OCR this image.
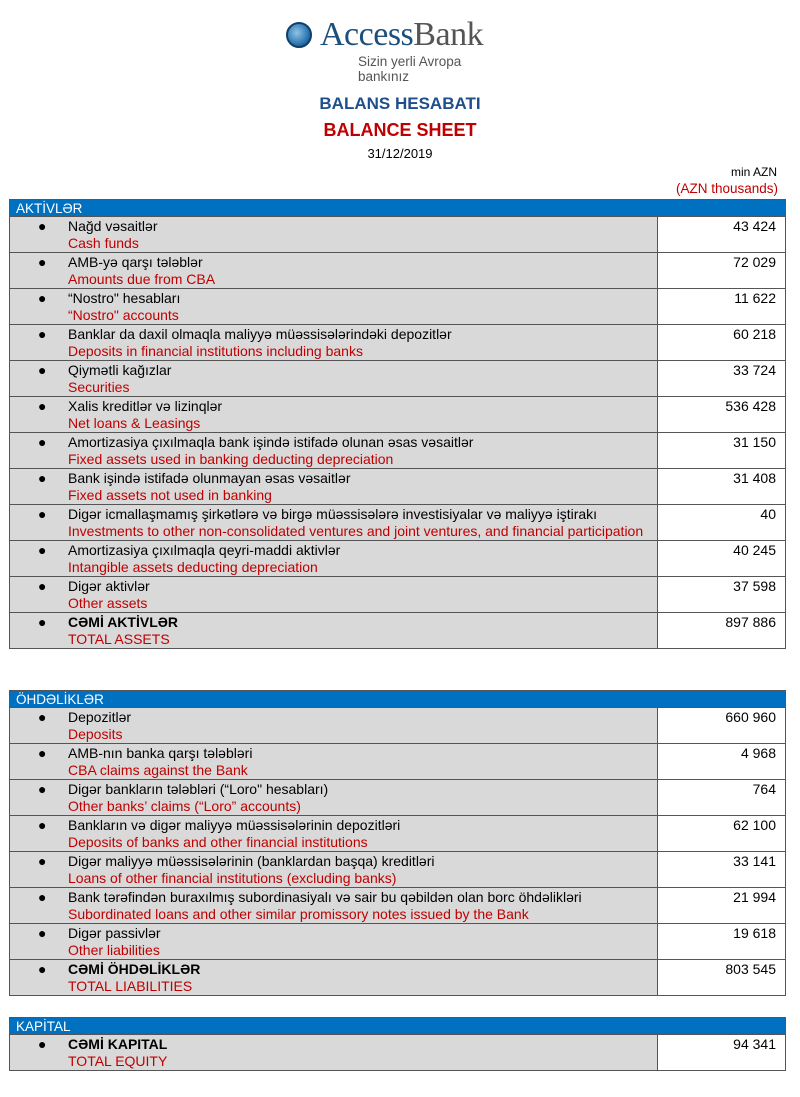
AccessBank
Sizin yerli Avropa bankınız
BALANS HESABATI
BALANCE SHEET
31/12/2019
min AZN
(AZN thousands)
AKTİVLƏR
● Nağd vəsaitlər
Cash funds
43 424
● AMB-yə qarşı tələblər
Amounts due from CBA
72 029
● “Nostro" hesabları
“Nostro" accounts
11 622
● Banklar da daxil olmaqla maliyyə müəssisələrindəki depozitlər
Deposits in financial institutions including banks
60 218
● Qiymətli kağızlar
Securities
33 724
● Xalis kreditlər və lizinqlər
Net loans & Leasings
536 428
● Amortizasiya çıxılmaqla bank işində istifadə olunan əsas vəsaitlər
Fixed assets used in banking deducting depreciation
31 150
● Bank işində istifadə olunmayan əsas vəsaitlər
Fixed assets not used in banking
31 408
● Digər icmallaşmamış şirkətlərə və birgə müəssisələrə investisiyalar və maliyyə iştirakı
Investments to other non-consolidated ventures and joint ventures, and financial participation
40
● Amortizasiya çıxılmaqla qeyri-maddi aktivlər
Intangible assets deducting depreciation
40 245
● Digər aktivlər
Other assets
37 598
● CƏMİ AKTİVLƏR
TOTAL ASSETS
897 886
ÖHDƏLİKLƏR
● Depozitlər
Deposits
660 960
● AMB-nın banka qarşı tələbləri
CBA claims against the Bank
4 968
● Digər bankların tələbləri (“Loro" hesabları)
Other banks’ claims (“Loro” accounts)
764
● Bankların və digər maliyyə müəssisələrinin depozitləri
Deposits of banks and other financial institutions
62 100
● Digər maliyyə müəssisələrinin (banklardan başqa) kreditləri
Loans of other financial institutions (excluding banks)
33 141
● Bank tərəfindən buraxılmış subordinasiyalı və sair bu qəbildən olan borc öhdəlikləri
Subordinated loans and other similar promissory notes issued by the Bank
21 994
● Digər passivlər
Other liabilities
19 618
● CƏMİ ÖHDƏLİKLƏR
TOTAL LIABILITIES
803 545
KAPİTAL
● CƏMİ KAPITAL
TOTAL EQUITY
94 341
